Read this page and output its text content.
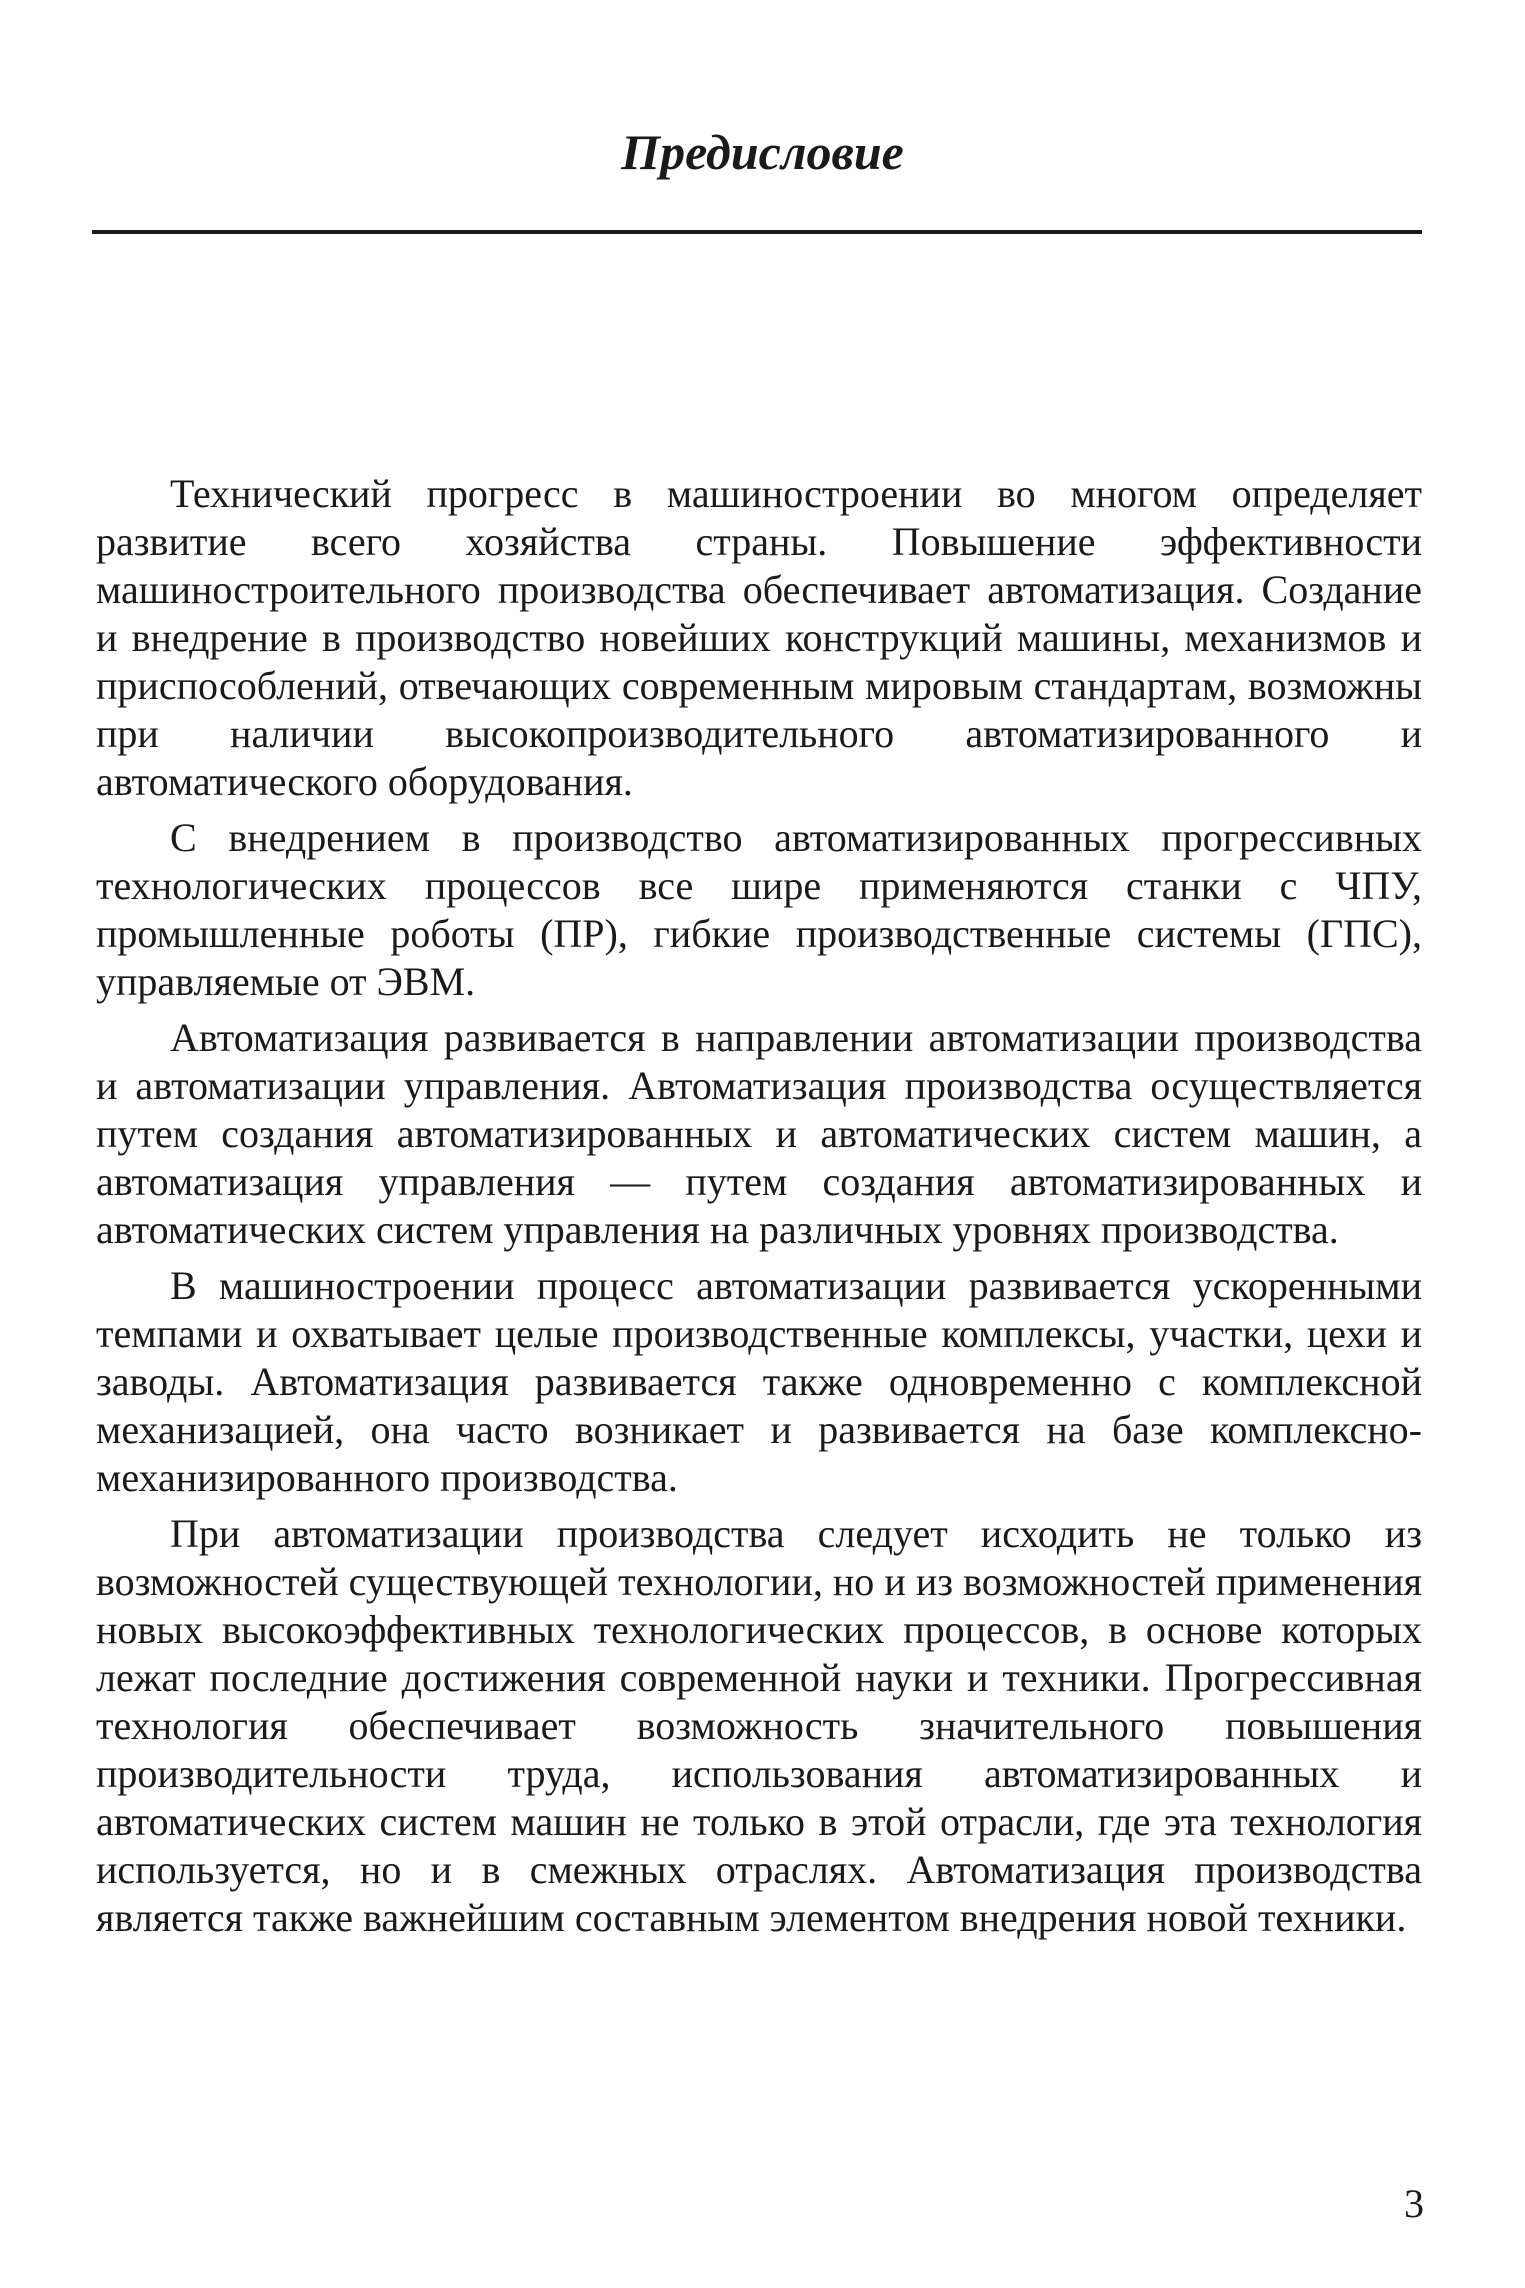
Предисловие

Технический прогресс в машиностроении во многом определяет развитие всего хозяйства страны. Повышение эффективности машиностроительного производства обеспечивает автоматизация. Создание и внедрение в производство новейших конструкций машины, механизмов и приспособлений, отвечающих современным мировым стандартам, возможны при наличии высокопроизводительного автоматизированного и автоматического оборудования.

С внедрением в производство автоматизированных прогрессивных технологических процессов все шире применяются станки с ЧПУ, промышленные роботы (ПР), гибкие производственные системы (ГПС), управляемые от ЭВМ.

Автоматизация развивается в направлении автоматизации производства и автоматизации управления. Автоматизация производства осуществляется путем создания автоматизированных и автоматических систем машин, а автоматизация управления — путем создания автоматизированных и автоматических систем управления на различных уровнях производства.

В машиностроении процесс автоматизации развивается ускоренными темпами и охватывает целые производственные комплексы, участки, цехи и заводы. Автоматизация развивается также одновременно с комплексной механизацией, она часто возникает и развивается на базе комплексно-механизированного производства.

При автоматизации производства следует исходить не только из возможностей существующей технологии, но и из возможностей применения новых высокоэффективных технологических процессов, в основе которых лежат последние достижения современной науки и техники. Прогрессивная технология обеспечивает возможность значительного повышения производительности труда, использования автоматизированных и автоматических систем машин не только в этой отрасли, где эта технология используется, но и в смежных отраслях. Автоматизация производства является также важнейшим составным элементом внедрения новой техники.

3
